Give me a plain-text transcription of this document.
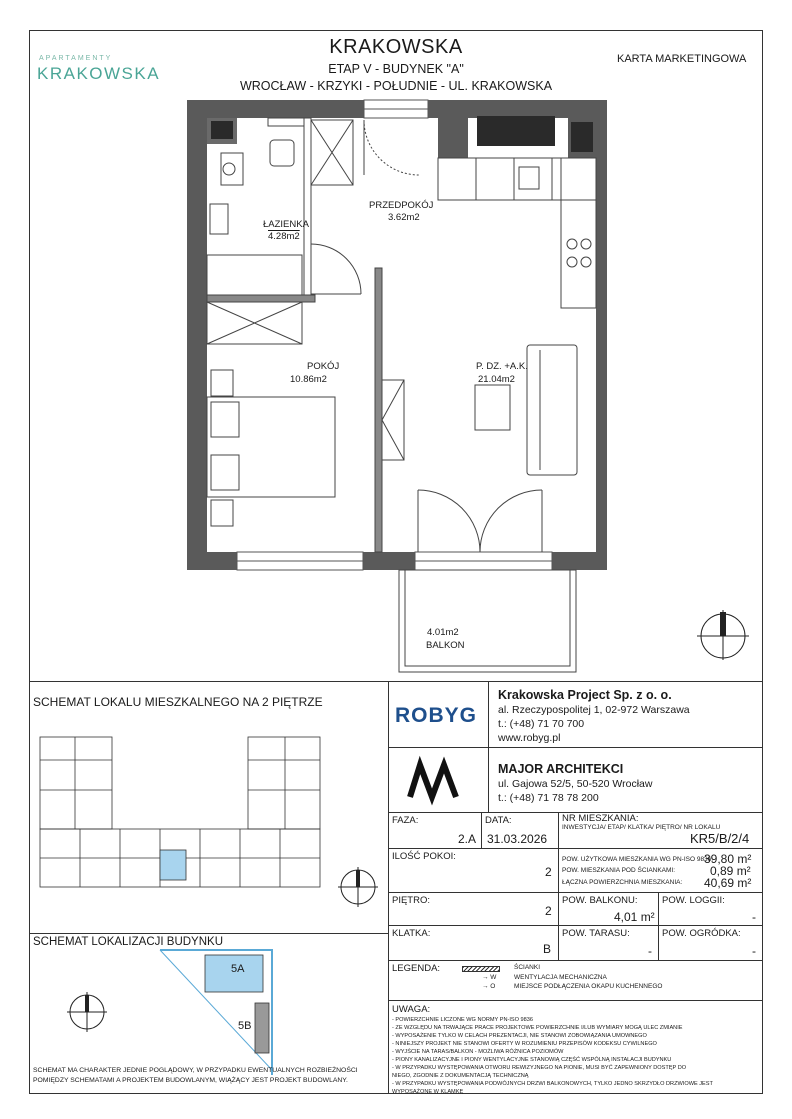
APARTAMENTY
KRAKOWSKA
KRAKOWSKA
ETAP V - BUDYNEK "A"
WROCŁAW - KRZYKI - POŁUDNIE - UL. KRAKOWSKA
KARTA MARKETINGOWA
ŁAZIENKA
4.28m2
PRZEDPOKÓJ
3.62m2
POKÓJ
10.86m2
P. DZ. +A.K.
21.04m2
4.01m2
BALKON
SCHEMAT LOKALU MIESZKALNEGO NA 2 PIĘTRZE
SCHEMAT LOKALIZACJI BUDYNKU
5A
5B
SCHEMAT MA CHARAKTER JEDNIE POGLĄDOWY, W PRZYPADKU EWENTUALNYCH ROZBIEŻNOŚCI
POMIĘDZY SCHEMATAMI A PROJEKTEM BUDOWLANYM, WIĄŻĄCY JEST PROJEKT BUDOWLANY.
ROBYG
Krakowska Project Sp. z o. o.
al. Rzeczypospolitej 1, 02-972 Warszawa
t.: (+48) 71 70 700
www.robyg.pl
MAJOR ARCHITEKCI
ul. Gajowa 52/5, 50-520 Wrocław
t.: (+48) 71 78 78 200
FAZA:
2.A
DATA:
31.03.2026
NR MIESZKANIA:
INWESTYCJA/ ETAP/ KLATKA/ PIĘTRO/ NR LOKALU
KR5/B/2/4
ILOŚĆ POKOI:
2
POW. UŻYTKOWA MIESZKANIA WG PN-ISO 9836:
39,80 m²
POW. MIESZKANIA POD ŚCIANKAMI:	0,89 m²
ŁĄCZNA POWIERZCHNIA MIESZKANIA: 40,69 m²
PIĘTRO:
2
POW. BALKONU:
4,01 m²
POW. LOGGII:
-
KLATKA:
B
POW. TARASU:
-
POW. OGRÓDKA:
-
LEGENDA:	ŚCIANKI
→ W	WENTYLACJA MECHANICZNA
→ O	MIEJSCE PODŁĄCZENIA OKAPU KUCHENNEGO
UWAGA:
- POWIERZCHNIE LICZONE WG NORMY PN-ISO 9836
- ZE WZGLĘDU NA TRWAJĄCE PRACE PROJEKTOWE POWIERZCHNIE I/LUB WYMIARY MOGĄ ULEC ZMIANIE
- WYPOSAŻENIE TYLKO W CELACH PREZENTACJI, NIE STANOWI ZOBOWIĄZANIA UMOWNEGO
- NINIEJSZY PROJEKT NIE STANOWI OFERTY W ROZUMIENIU PRZEPISÓW KODEKSU CYWILNEGO
- WYJŚCIE NA TARAS/BALKON - MOŻLIWA RÓŻNICA POZIOMÓW
- PIONY KANALIZACYJNE I PIONY WENTYLACYJNE STANOWIĄ CZĘŚĆ WSPÓLNĄ INSTALACJI BUDYNKU
- W PRZYPADKU WYSTĘPOWANIA OTWORU REWIZYJNEGO NA PIONIE, MUSI BYĆ ZAPEWNIONY DOSTĘP DO
NIEGO, ZGODNIE Z DOKUMENTACJĄ TECHNICZNĄ
- W PRZYPADKU WYSTĘPOWANIA PODWÓJNYCH DRZWI BALKONOWYCH, TYLKO JEDNO SKRZYDŁO DRZWIOWE JEST
WYPOSAŻONE W KLAMKĘ
